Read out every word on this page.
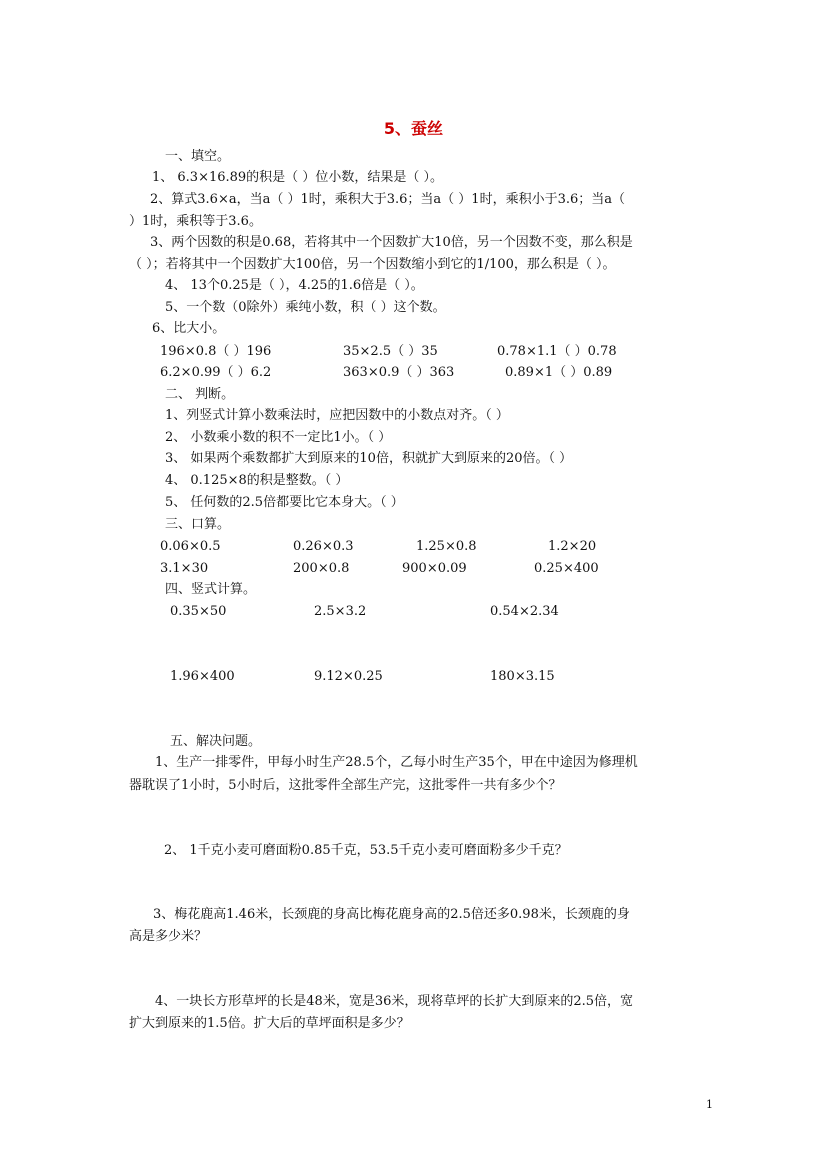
5、蚕丝
一、填空。
1、 6.3×16.89的积是（ ）位小数，结果是（ ）。
2、算式3.6×a，当a（ ）1时，乘积大于3.6；当a（ ）1时，乘积小于3.6；当a（
）1时，乘积等于3.6。
3、两个因数的积是0.68，若将其中一个因数扩大10倍，另一个因数不变，那么积是
（ ）；若将其中一个因数扩大100倍，另一个因数缩小到它的1/100，那么积是（ ）。
4、 13个0.25是（ ），4.25的1.6倍是（ ）。
5、一个数（0除外）乘纯小数，积（ ）这个数。
6、比大小。
196×0.8（ ）196	35×2.5（ ）35	0.78×1.1（ ）0.78
6.2×0.99（ ）6.2	363×0.9（ ）363	0.89×1（ ）0.89
二、 判断。
1、列竖式计算小数乘法时，应把因数中的小数点对齐。（ ）
2、 小数乘小数的积不一定比1小。（ ）
3、 如果两个乘数都扩大到原来的10倍，积就扩大到原来的20倍。（ ）
4、 0.125×8的积是整数。（ ）
5、 任何数的2.5倍都要比它本身大。（ ）
三、口算。
0.06×0.5	0.26×0.3	1.25×0.8	1.2×20
3.1×30	200×0.8	900×0.09	0.25×400
四、竖式计算。
0.35×50	2.5×3.2	0.54×2.34
1.96×400	9.12×0.25	180×3.15
五、解决问题。
1、生产一排零件，甲每小时生产28.5个，乙每小时生产35个，甲在中途因为修理机
器耽误了1小时，5小时后，这批零件全部生产完，这批零件一共有多少个？
2、 1千克小麦可磨面粉0.85千克，53.5千克小麦可磨面粉多少千克？
3、梅花鹿高1.46米，长颈鹿的身高比梅花鹿身高的2.5倍还多0.98米，长颈鹿的身
高是多少米？
4、一块长方形草坪的长是48米，宽是36米，现将草坪的长扩大到原来的2.5倍，宽
扩大到原来的1.5倍。扩大后的草坪面积是多少？
1
